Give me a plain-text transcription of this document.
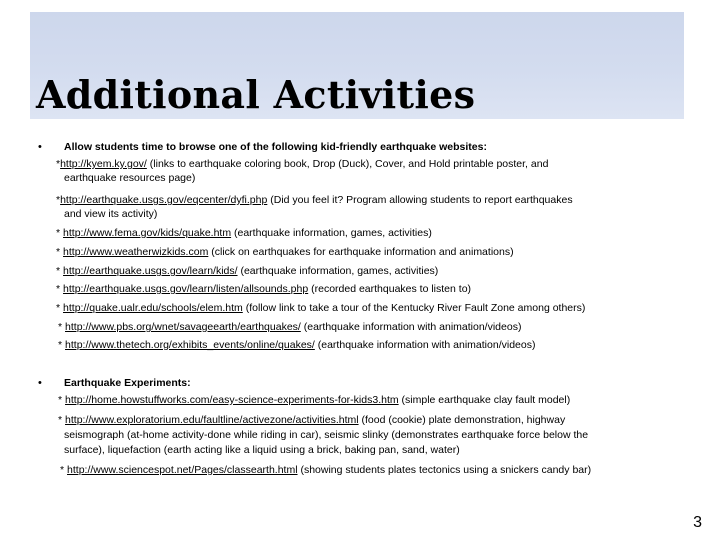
Additional Activities
• Allow students time to browse one of the following kid-friendly earthquake websites:
*http://kyem.ky.gov/ (links to earthquake coloring book, Drop (Duck), Cover, and Hold printable poster, and
earthquake resources page)
*http://earthquake.usgs.gov/eqcenter/dyfi.php (Did you feel it? Program allowing students to report earthquakes
and view its activity)
* http://www.fema.gov/kids/quake.htm (earthquake information, games, activities)
* http://www.weatherwizkids.com (click on earthquakes for earthquake information and animations)
* http://earthquake.usgs.gov/learn/kids/ (earthquake information, games, activities)
* http://earthquake.usgs.gov/learn/listen/allsounds.php (recorded earthquakes to listen to)
* http://quake.ualr.edu/schools/elem.htm (follow link to take a tour of the Kentucky River Fault Zone among others)
* http://www.pbs.org/wnet/savageearth/earthquakes/ (earthquake information with animation/videos)
* http://www.thetech.org/exhibits_events/online/quakes/ (earthquake information with animation/videos)
• Earthquake Experiments:
* http://home.howstuffworks.com/easy-science-experiments-for-kids3.htm (simple earthquake clay fault model)
* http://www.exploratorium.edu/faultline/activezone/activities.html (food (cookie) plate demonstration, highway
seismograph (at-home activity-done while riding in car), seismic slinky (demonstrates earthquake force below the
surface), liquefaction (earth acting like a liquid using a brick, baking pan, sand, water)
* http://www.sciencespot.net/Pages/classearth.html (showing students plates tectonics using a snickers candy bar)
3
